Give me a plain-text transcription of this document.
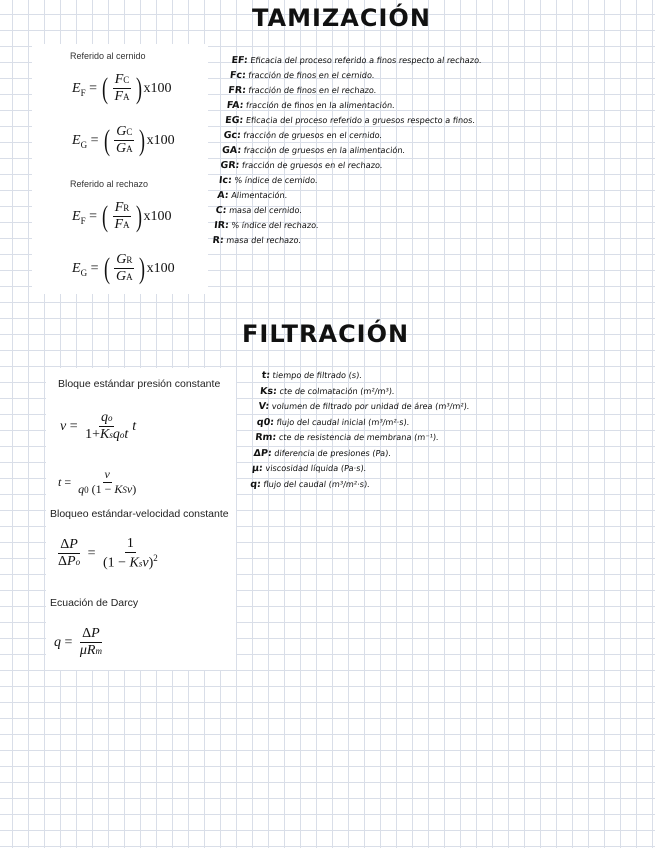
TAMIZACIÓN
Referido al cernido
E F = ( $\frac{FC}{FA}$ ) x100
E G = ( $\frac{GC}{GA}$ ) x100
Referido al rechazo
E F = ( $\frac{FR}{FA}$ ) x100
E G = ( $\frac{GR}{GA}$ ) x100
EF: Eficacia del proceso referido a finos respecto al rechazo.
Fc: fracción de finos en el cernido.
FR: fracción de finos en el rechazo.
FA: fracción de finos en la alimentación.
EG: Eficacia del proceso referido a gruesos respecto a finos.
Gc: fracción de gruesos en el cernido.
GA: fracción de gruesos en la alimentación.
GR: fracción de gruesos en el rechazo.
Ic: % índice de cernido.
A: Alimentación.
C: masa del cernido.
IR: % índice del rechazo.
R: masa del rechazo.
FILTRACIÓN
Bloque estándar presión constante
$v = \frac{qo}{\text{1+Ksqot}}$ t
$t = \frac{v}{\text{q0 (1 − KSv)}}$
Bloqueo estándar-velocidad constante
$\frac{\Delta P}{\text{ΔPo}} = \frac{1}{(1 - Ksv)^2}$
Ecuación de Darcy
$q = \frac{\Delta P}{\text{μRm}}$
t: tiempo de filtrado (s).
Ks: cte de colmatación (m²/m³).
V: volumen de filtrado por unidad de área (m³/m²).
q0: flujo del caudal inicial (m³/m²·s).
Rm: cte de resistencia de membrana (m⁻¹).
ΔP: diferencia de presiones (Pa).
μ: viscosidad líquida (Pa·s).
q: flujo del caudal (m³/m²·s).
